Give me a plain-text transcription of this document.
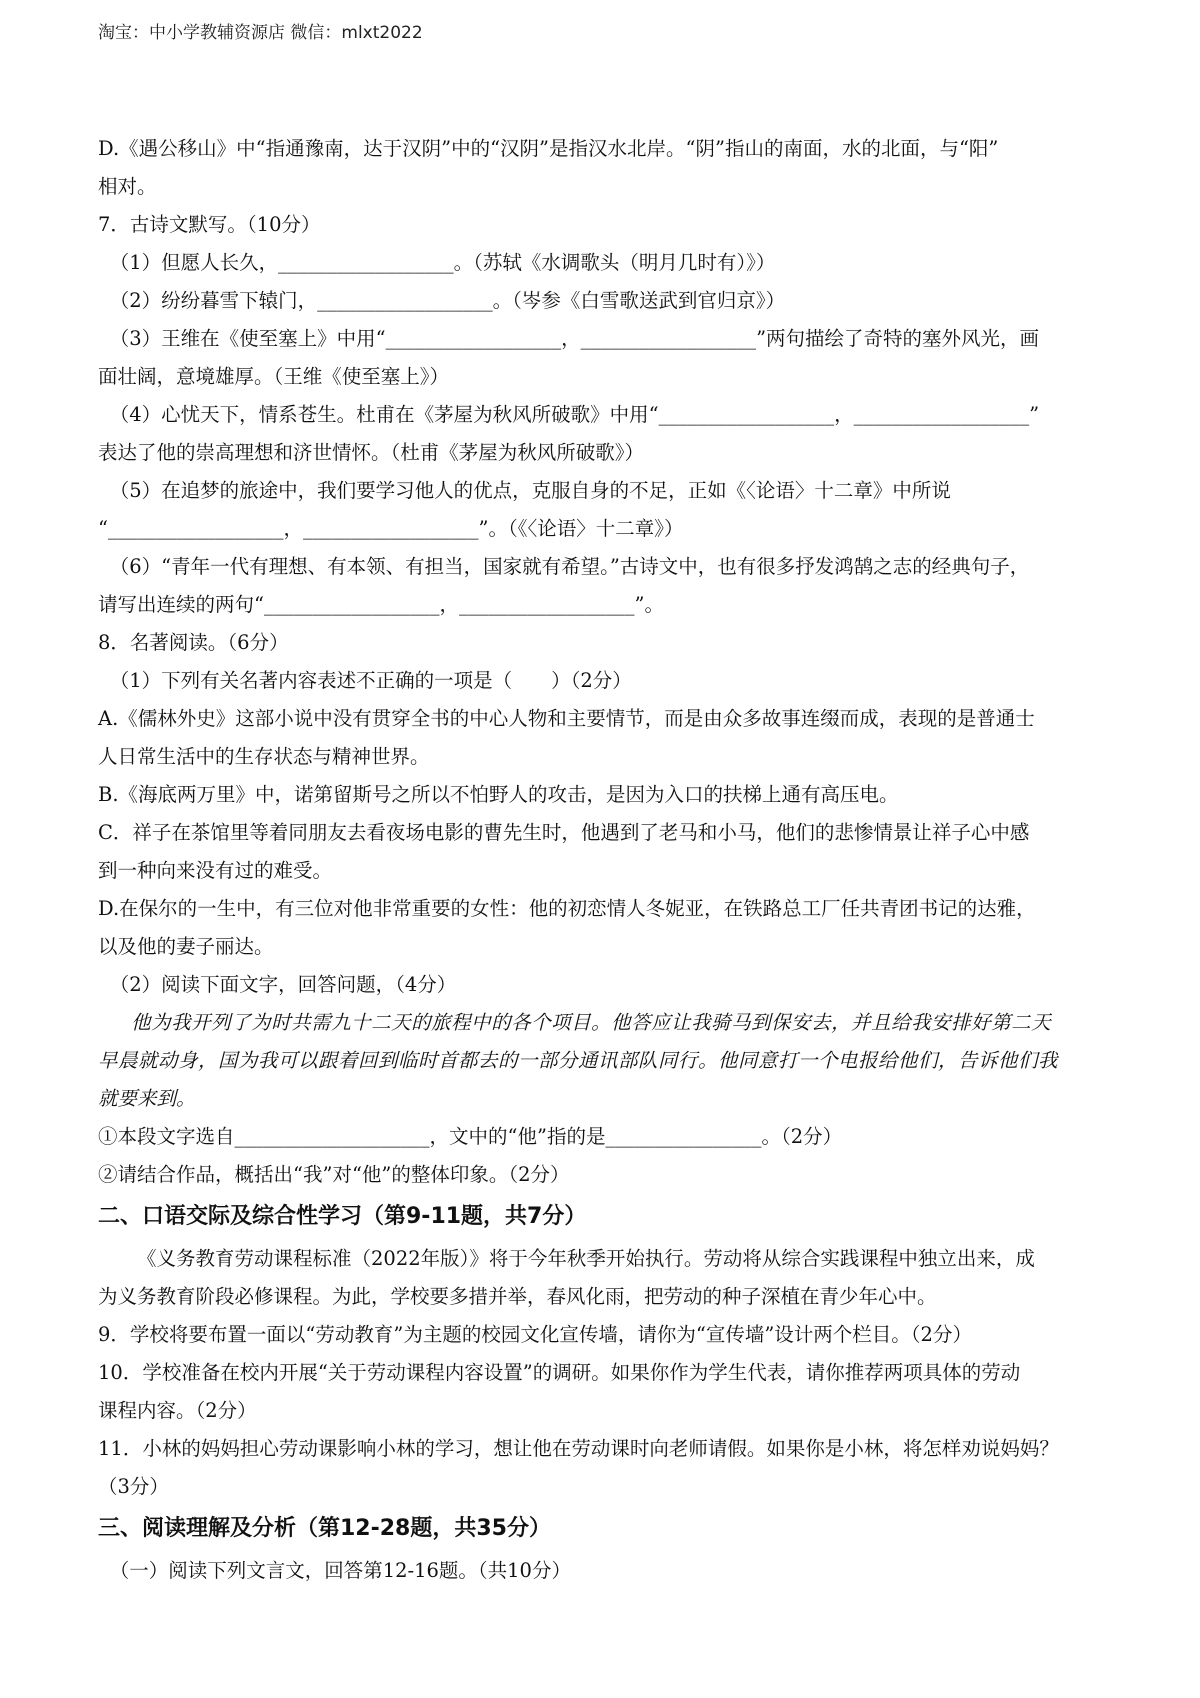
淘宝：中小学教辅资源店 微信：mlxt2022

D.《遇公移山》中“指通豫南，达于汉阴”中的“汉阴”是指汉水北岸。“阴”指山的南面，水的北面，与“阳”

相对。

7．古诗文默写。（10分）

（1）但愿人长久，__________________。（苏轼《水调歌头（明月几时有）》）

（2）纷纷暮雪下辕门，__________________。（岑参《白雪歌送武到官归京》）

（3）王维在《使至塞上》中用“__________________，__________________”两句描绘了奇特的塞外风光，画

面壮阔，意境雄厚。（王维《使至塞上》）

（4）心忧天下，情系苍生。杜甫在《茅屋为秋风所破歌》中用“__________________，__________________”

表达了他的崇高理想和济世情怀。（杜甫《茅屋为秋风所破歌》）

（5）在追梦的旅途中，我们要学习他人的优点，克服自身的不足，正如《〈论语〉十二章》中所说

“__________________，__________________”。（《〈论语〉十二章》）

（6）“青年一代有理想、有本领、有担当，国家就有希望。”古诗文中，也有很多抒发鸿鹄之志的经典句子，

请写出连续的两句“__________________，__________________”。

8．名著阅读。（6分）

（1）下列有关名著内容表述不正确的一项是（　　）（2分）

A.《儒林外史》这部小说中没有贯穿全书的中心人物和主要情节，而是由众多故事连缀而成，表现的是普通士

人日常生活中的生存状态与精神世界。

B.《海底两万里》中，诺第留斯号之所以不怕野人的攻击，是因为入口的扶梯上通有高压电。

C．祥子在茶馆里等着同朋友去看夜场电影的曹先生时，他遇到了老马和小马，他们的悲惨情景让祥子心中感

到一种向来没有过的难受。

D.在保尔的一生中，有三位对他非常重要的女性：他的初恋情人冬妮亚，在铁路总工厂任共青团书记的达雅，

以及他的妻子丽达。

（2）阅读下面文字，回答问题，（4分）

他为我开列了为时共需九十二天的旅程中的各个项目。他答应让我骑马到保安去，并且给我安排好第二天

早晨就动身，国为我可以跟着回到临时首都去的一部分通讯部队同行。他同意打一个电报给他们，告诉他们我

就要来到。

①本段文字选自____________________，文中的“他”指的是________________。（2分）

②请结合作品，概括出“我”对“他”的整体印象。（2分）

二、口语交际及综合性学习（第9-11题，共7分）

《义务教育劳动课程标准（2022年版）》将于今年秋季开始执行。劳动将从综合实践课程中独立出来，成

为义务教育阶段必修课程。为此，学校要多措并举，春风化雨，把劳动的种子深植在青少年心中。

9．学校将要布置一面以“劳动教育”为主题的校园文化宣传墙，请你为“宣传墙”设计两个栏目。（2分）

10．学校准备在校内开展“关于劳动课程内容设置”的调研。如果你作为学生代表，请你推荐两项具体的劳动

课程内容。（2分）

11．小林的妈妈担心劳动课影响小林的学习，想让他在劳动课时向老师请假。如果你是小林，将怎样劝说妈妈？

（3分）

三、阅读理解及分析（第12-28题，共35分）

（一）阅读下列文言文，回答第12-16题。（共10分）
